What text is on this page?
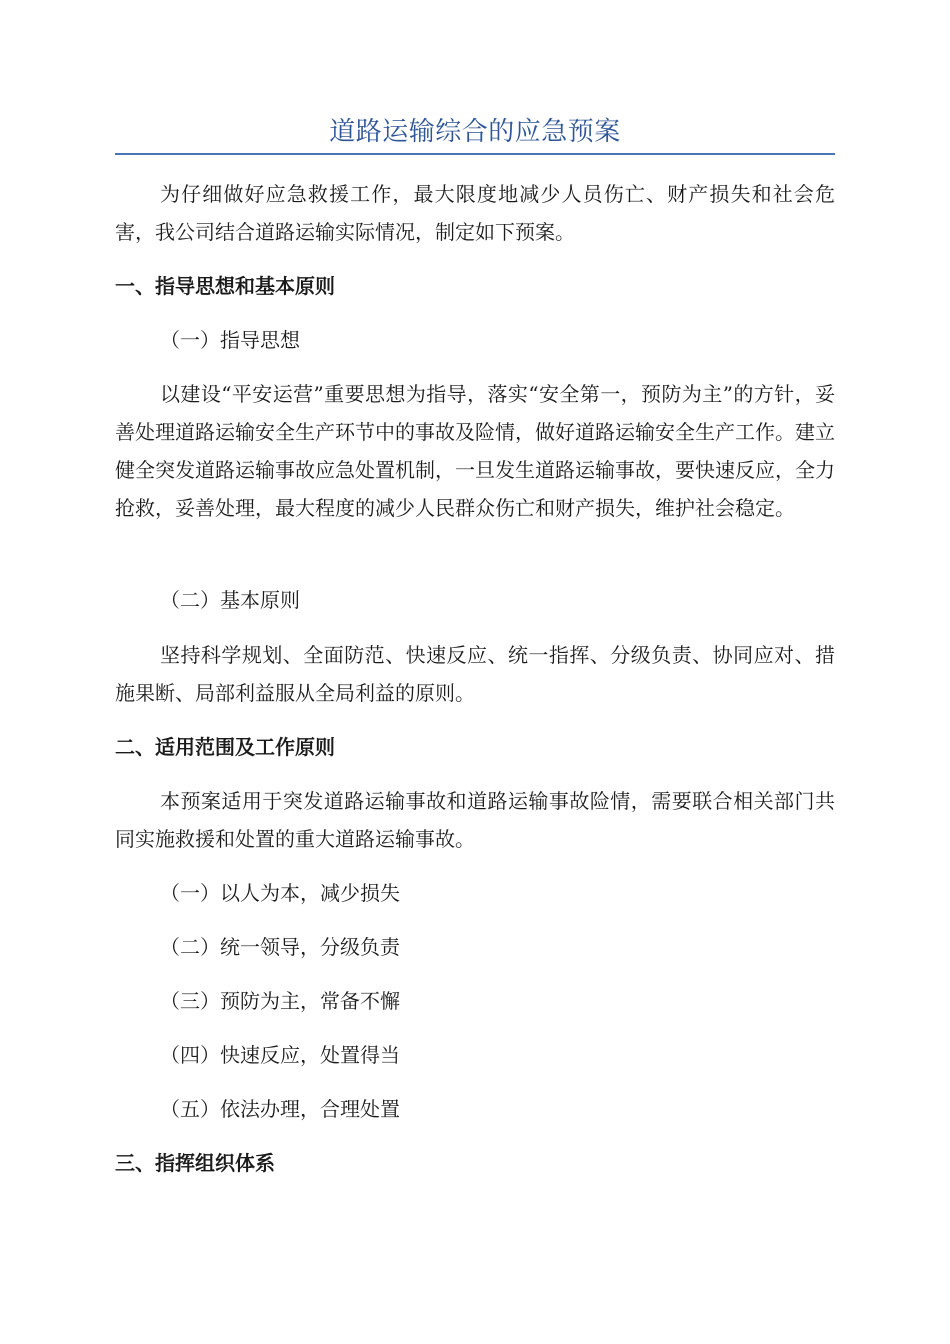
道路运输综合的应急预案

为仔细做好应急救援工作，最大限度地减少人员伤亡、财产损失和社会危害，我公司结合道路运输实际情况，制定如下预案。

一、指导思想和基本原则

（一）指导思想

以建设“平安运营”重要思想为指导，落实“安全第一，预防为主”的方针，妥善处理道路运输安全生产环节中的事故及险情，做好道路运输安全生产工作。建立健全突发道路运输事故应急处置机制，一旦发生道路运输事故，要快速反应，全力抢救，妥善处理，最大程度的减少人民群众伤亡和财产损失，维护社会稳定。

（二）基本原则

坚持科学规划、全面防范、快速反应、统一指挥、分级负责、协同应对、措施果断、局部利益服从全局利益的原则。

二、适用范围及工作原则

本预案适用于突发道路运输事故和道路运输事故险情，需要联合相关部门共同实施救援和处置的重大道路运输事故。

（一）以人为本，减少损失

（二）统一领导，分级负责

（三）预防为主，常备不懈

（四）快速反应，处置得当

（五）依法办理，合理处置

三、指挥组织体系
